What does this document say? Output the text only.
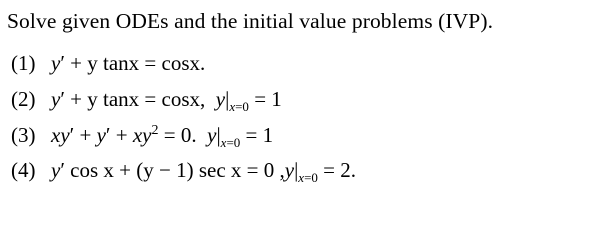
Solve given ODEs and the initial value problems (IVP).
(1) y′ + y tanx = cosx.
(2) y′ + y tanx = cosx,  $y|_{x=0} = 1$
(3) $xy' + y' + xy^2 = 0$.  $y|_{x=0} = 1$
(4) y′ cos x + (y − 1) sec x = 0 $,y|_{x=0} = 2$.
